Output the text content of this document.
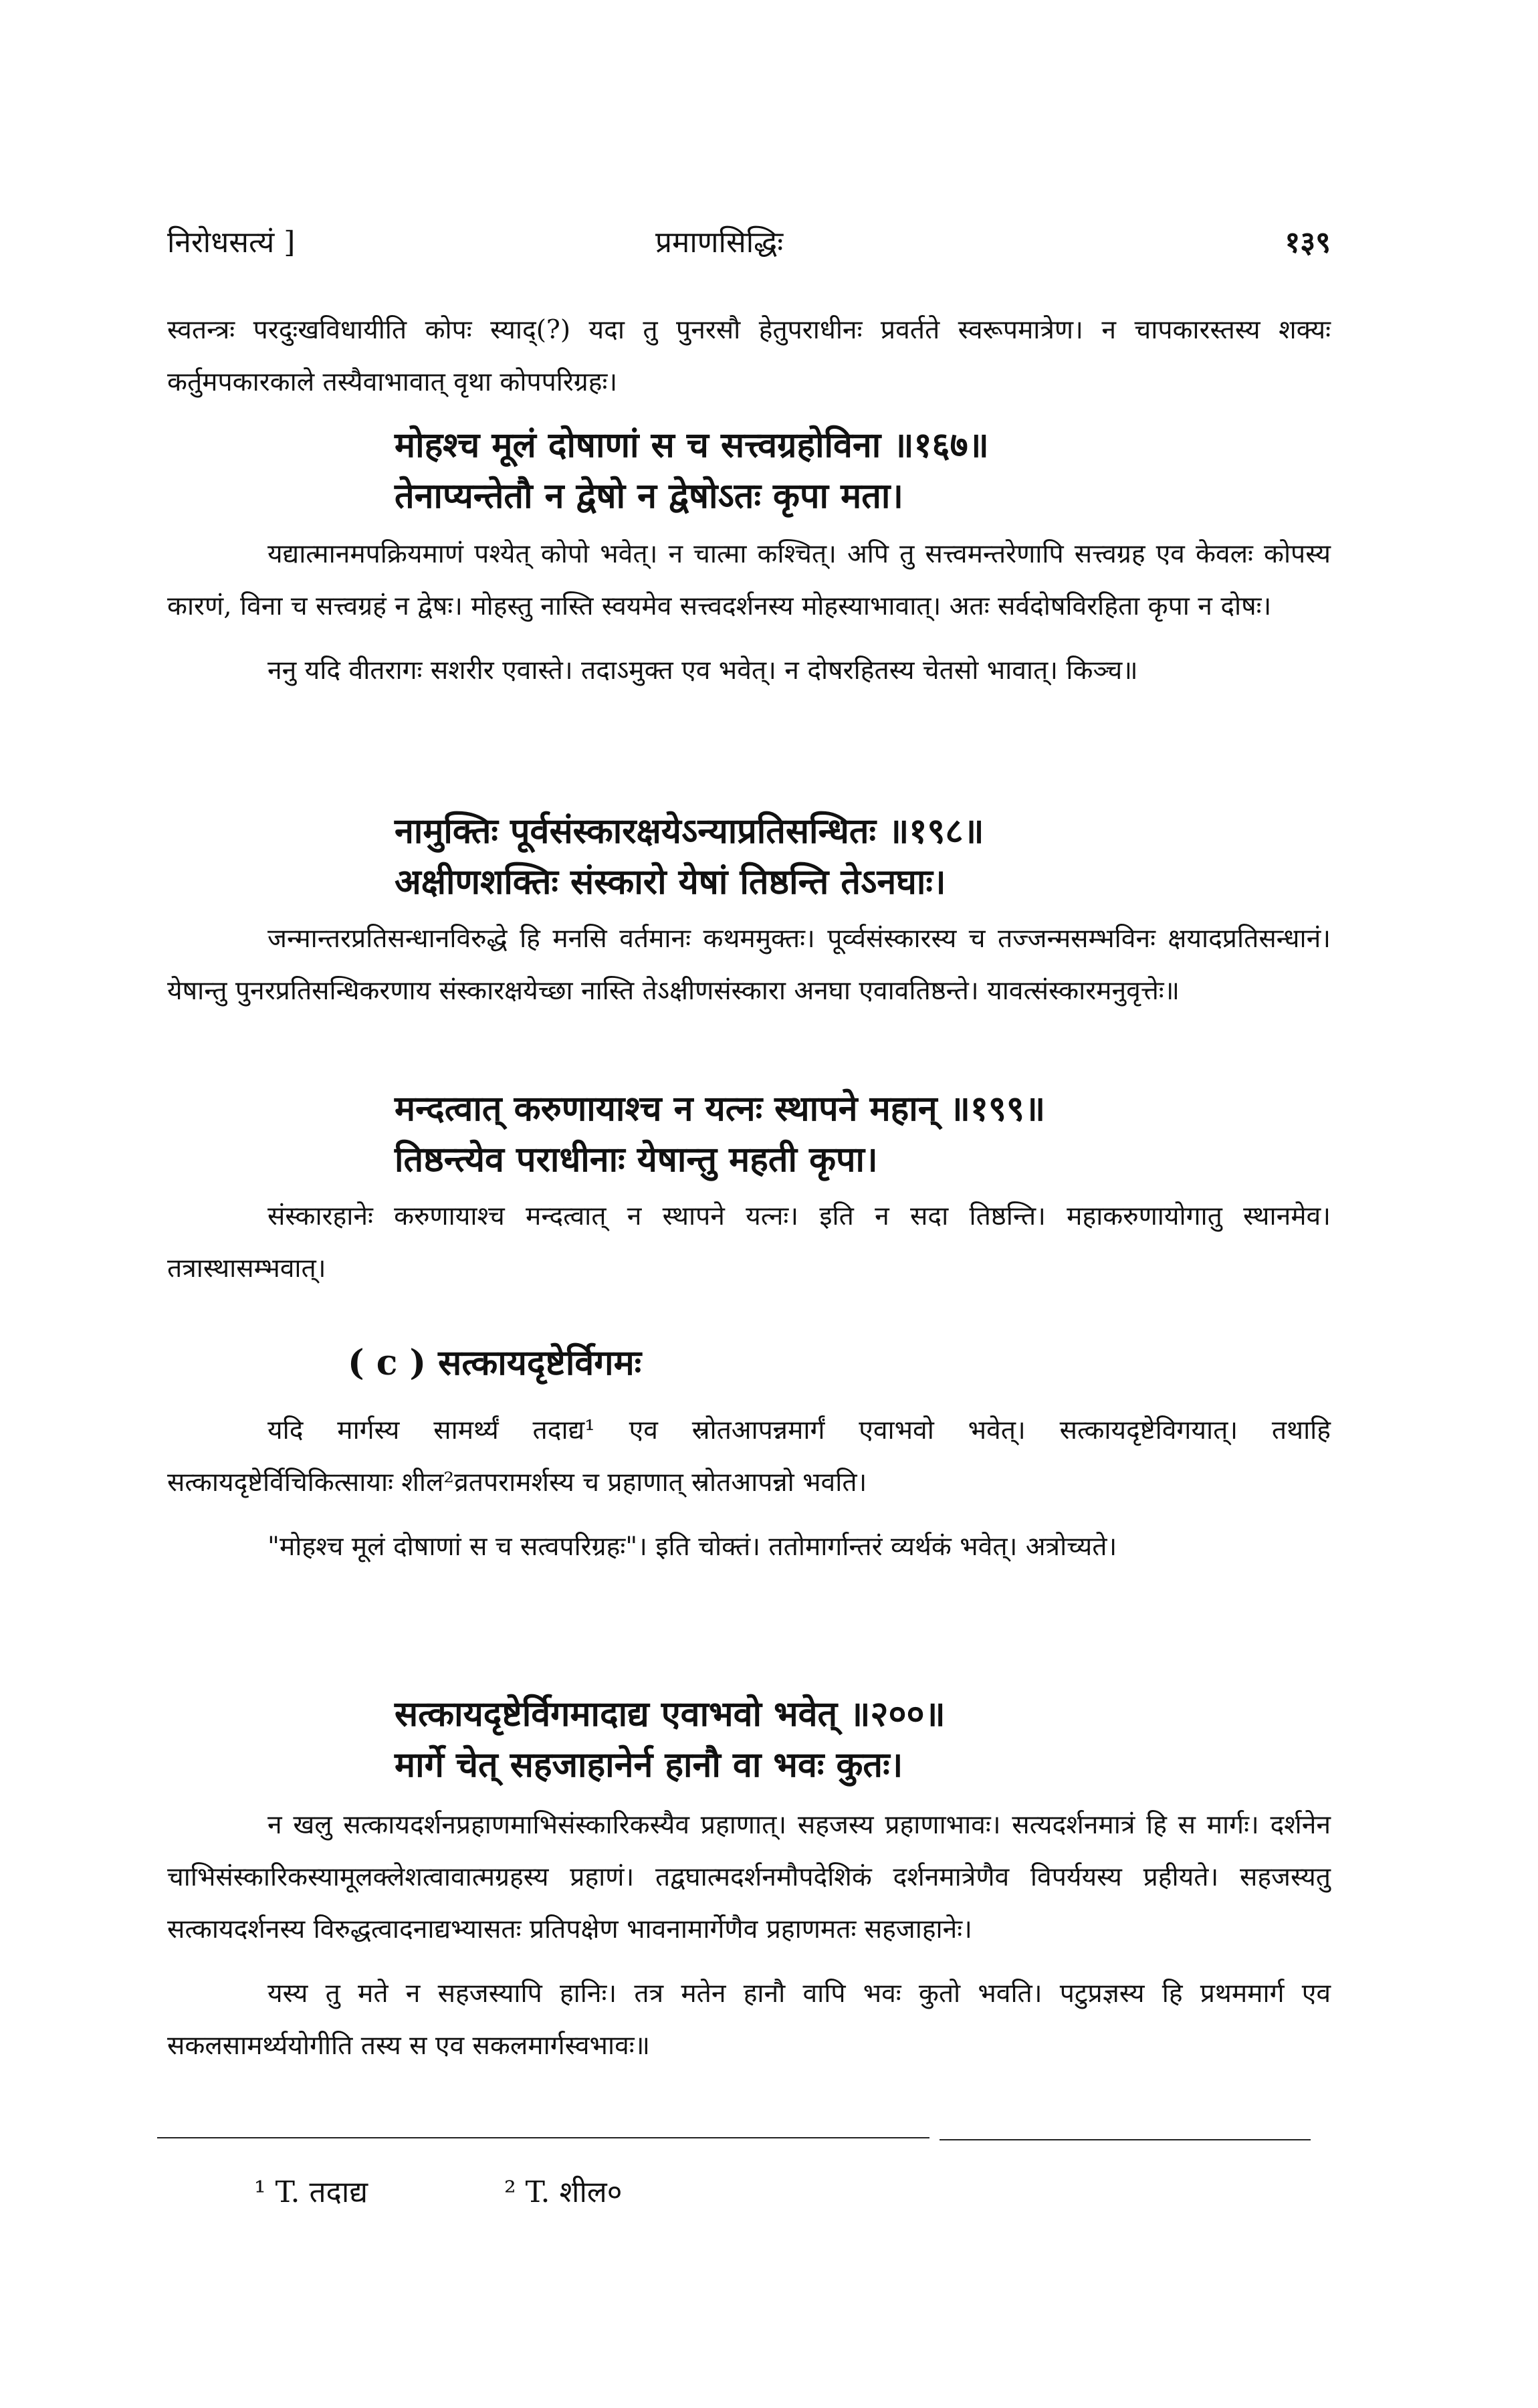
निरोधसत्यं ]	प्रमाणसिद्धिः	१३९

स्वतन्त्रः परदुःखविधायीति कोपः स्याद्(?) यदा तु पुनरसौ हेतुपराधीनः प्रवर्तते स्वरूपमात्रेण। न चापकारस्तस्य शक्यः कर्तुमपकारकाले तस्यैवाभावात् वृथा कोपपरिग्रहः।

मोहश्च मूलं दोषाणां स च सत्त्वग्रहोविना ॥१६७॥
तेनाप्यन्तेतौ न द्वेषो न द्वेषोऽतः कृपा मता।

यद्यात्मानमपक्रियमाणं पश्येत् कोपो भवेत्। न चात्मा कश्चित्। अपि तु सत्त्वमन्तरेणापि सत्त्वग्रह एव केवलः कोपस्य कारणं, विना च सत्त्वग्रहं न द्वेषः। मोहस्तु नास्ति स्वयमेव सत्त्वदर्शनस्य मोहस्याभावात्। अतः सर्वदोषविरहिता कृपा न दोषः।

ननु यदि वीतरागः सशरीर एवास्ते। तदाऽमुक्त एव भवेत्। न दोषरहितस्य चेतसो भावात्। किञ्च॥

नामुक्तिः पूर्वसंस्कारक्षयेऽन्याप्रतिसन्धितः ॥१९८॥
अक्षीणशक्तिः संस्कारो येषां तिष्ठन्ति तेऽनघाः।

जन्मान्तरप्रतिसन्धानविरुद्धे हि मनसि वर्तमानः कथममुक्तः। पूर्व्वसंस्कारस्य च तज्जन्मसम्भविनः क्षयादप्रतिसन्धानं। येषान्तु पुनरप्रतिसन्धिकरणाय संस्कारक्षयेच्छा नास्ति तेऽक्षीणसंस्कारा अनघा एवावतिष्ठन्ते। यावत्संस्कारमनुवृत्तेः॥

मन्दत्वात् करुणायाश्च न यत्नः स्थापने महान् ॥१९९॥
तिष्ठन्त्येव पराधीनाः येषान्तु महती कृपा।

संस्कारहानेः करुणायाश्च मन्दत्वात् न स्थापने यत्नः। इति न सदा तिष्ठन्ति। महाकरुणायोगातु स्थानमेव। तत्रास्थासम्भवात्।

( c ) सत्कायदृष्टेर्विगमः

यदि मार्गस्य सामर्थ्यं तदाद्य¹ एव स्रोतआपन्नमार्गं एवाभवो भवेत्। सत्कायदृष्टेविगयात्। तथाहि सत्कायदृष्टेर्विचिकित्सायाः शील²व्रतपरामर्शस्य च प्रहाणात् स्रोतआपन्नो भवति।

"मोहश्च मूलं दोषाणां स च सत्वपरिग्रहः"। इति चोक्तं। ततोमार्गान्तरं व्यर्थकं भवेत्। अत्रोच्यते।

सत्कायदृष्टेर्विगमादाद्य एवाभवो भवेत् ॥२००॥
मार्गे चेत् सहजाहानेर्न हानौ वा भवः कुतः।

न खलु सत्कायदर्शनप्रहाणमाभिसंस्कारिकस्यैव प्रहाणात्। सहजस्य प्रहाणाभावः। सत्यदर्शनमात्रं हि स मार्गः। दर्शनेन चाभिसंस्कारिकस्यामूलक्लेशत्वावात्मग्रहस्य प्रहाणं। तद्वघात्मदर्शनमौपदेशिकं दर्शनमात्रेणैव विपर्ययस्य प्रहीयते। सहजस्यतु सत्कायदर्शनस्य विरुद्धत्वादनाद्यभ्यासतः प्रतिपक्षेण भावनामार्गेणैव प्रहाणमतः सहजाहानेः।

यस्य तु मते न सहजस्यापि हानिः। तत्र मतेन हानौ वापि भवः कुतो भवति। पटुप्रज्ञस्य हि प्रथममार्ग एव सकलसामर्थ्ययोगीति तस्य स एव सकलमार्गस्वभावः॥

¹ T. तदाद्य	² T. शील०
